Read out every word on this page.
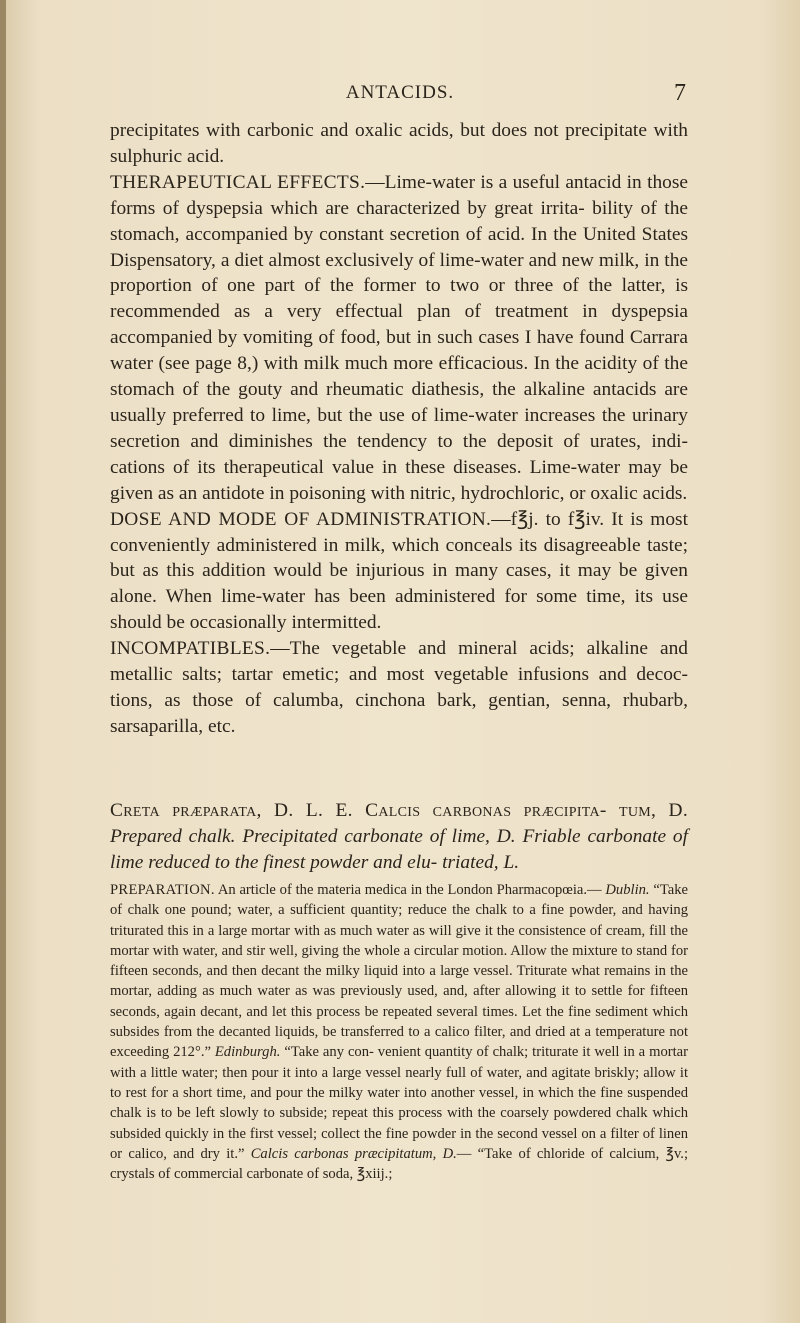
ANTACIDS.	7

precipitates with carbonic and oxalic acids, but does not precipitate with sulphuric acid.

THERAPEUTICAL EFFECTS.—Lime-water is a useful antacid in those forms of dyspepsia which are characterized by great irrita- bility of the stomach, accompanied by constant secretion of acid. In the United States Dispensatory, a diet almost exclusively of lime-water and new milk, in the proportion of one part of the former to two or three of the latter, is recommended as a very effectual plan of treatment in dyspepsia accompanied by vomiting of food, but in such cases I have found Carrara water (see page 8,) with milk much more efficacious. In the acidity of the stomach of the gouty and rheumatic diathesis, the alkaline antacids are usually preferred to lime, but the use of lime-water increases the urinary secretion and diminishes the tendency to the deposit of urates, indi- cations of its therapeutical value in these diseases. Lime-water may be given as an antidote in poisoning with nitric, hydrochloric, or oxalic acids.

DOSE AND MODE OF ADMINISTRATION.—f℥j. to f℥iv. It is most conveniently administered in milk, which conceals its disagreeable taste; but as this addition would be injurious in many cases, it may be given alone. When lime-water has been administered for some time, its use should be occasionally intermitted.

INCOMPATIBLES.—The vegetable and mineral acids; alkaline and metallic salts; tartar emetic; and most vegetable infusions and decoc- tions, as those of calumba, cinchona bark, gentian, senna, rhubarb, sarsaparilla, etc.

Creta præparata, D. L. E. Calcis carbonas præcipita- tum, D. Prepared chalk. Precipitated carbonate of lime, D. Friable carbonate of lime reduced to the finest powder and elu- triated, L.
PREPARATION. An article of the materia medica in the London Pharmacopœia.— Dublin. “Take of chalk one pound; water, a sufficient quantity; reduce the chalk to a fine powder, and having triturated this in a large mortar with as much water as will give it the consistence of cream, fill the mortar with water, and stir well, giving the whole a circular motion. Allow the mixture to stand for fifteen seconds, and then decant the milky liquid into a large vessel. Triturate what remains in the mortar, adding as much water as was previously used, and, after allowing it to settle for fifteen seconds, again decant, and let this process be repeated several times. Let the fine sediment which subsides from the decanted liquids, be transferred to a calico filter, and dried at a temperature not exceeding 212°.” Edinburgh. “Take any con- venient quantity of chalk; triturate it well in a mortar with a little water; then pour it into a large vessel nearly full of water, and agitate briskly; allow it to rest for a short time, and pour the milky water into another vessel, in which the fine suspended chalk is to be left slowly to subside; repeat this process with the coarsely powdered chalk which subsided quickly in the first vessel; collect the fine powder in the second vessel on a filter of linen or calico, and dry it.” Calcis carbonas præcipitatum, D.— “Take of chloride of calcium, ℥v.; crystals of commercial carbonate of soda, ℥xiij.;
